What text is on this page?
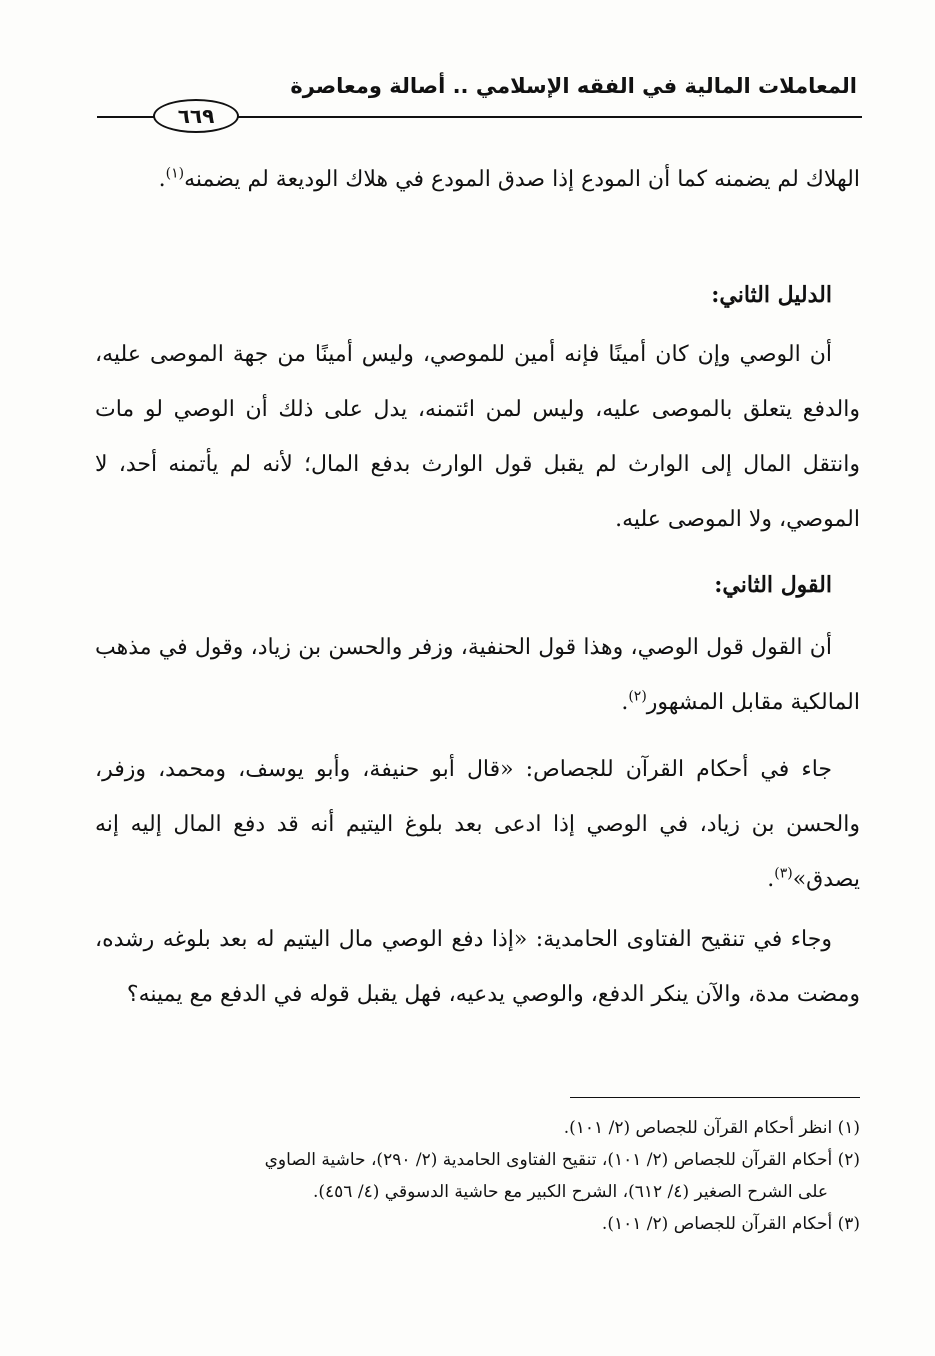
المعاملات المالية في الفقه الإسلامي .. أصالة ومعاصرة
٦٦٩
الهلاك لم يضمنه كما أن المودع إذا صدق المودع في هلاك الوديعة لم يضمنه$^{(١)}$.
الدليل الثاني:
أن الوصي وإن كان أمينًا فإنه أمين للموصي، وليس أمينًا من جهة الموصى عليه، والدفع يتعلق بالموصى عليه، وليس لمن ائتمنه، يدل على ذلك أن الوصي لو مات وانتقل المال إلى الوارث لم يقبل قول الوارث بدفع المال؛ لأنه لم يأتمنه أحد، لا الموصي، ولا الموصى عليه.
القول الثاني:
أن القول قول الوصي، وهذا قول الحنفية، وزفر والحسن بن زياد، وقول في مذهب المالكية مقابل المشهور$^{(٢)}$.
جاء في أحكام القرآن للجصاص: «قال أبو حنيفة، وأبو يوسف، ومحمد، وزفر، والحسن بن زياد، في الوصي إذا ادعى بعد بلوغ اليتيم أنه قد دفع المال إليه إنه يصدق»$^{(٣)}$.
وجاء في تنقيح الفتاوى الحامدية: «إذا دفع الوصي مال اليتيم له بعد بلوغه رشده، ومضت مدة، والآن ينكر الدفع، والوصي يدعيه، فهل يقبل قوله في الدفع مع يمينه؟
(١) انظر أحكام القرآن للجصاص (٢/ ١٠١).
(٢) أحكام القرآن للجصاص (٢/ ١٠١)، تنقيح الفتاوى الحامدية (٢/ ٢٩٠)، حاشية الصاوي
على الشرح الصغير (٤/ ٦١٢)، الشرح الكبير مع حاشية الدسوقي (٤/ ٤٥٦).
(٣) أحكام القرآن للجصاص (٢/ ١٠١).
